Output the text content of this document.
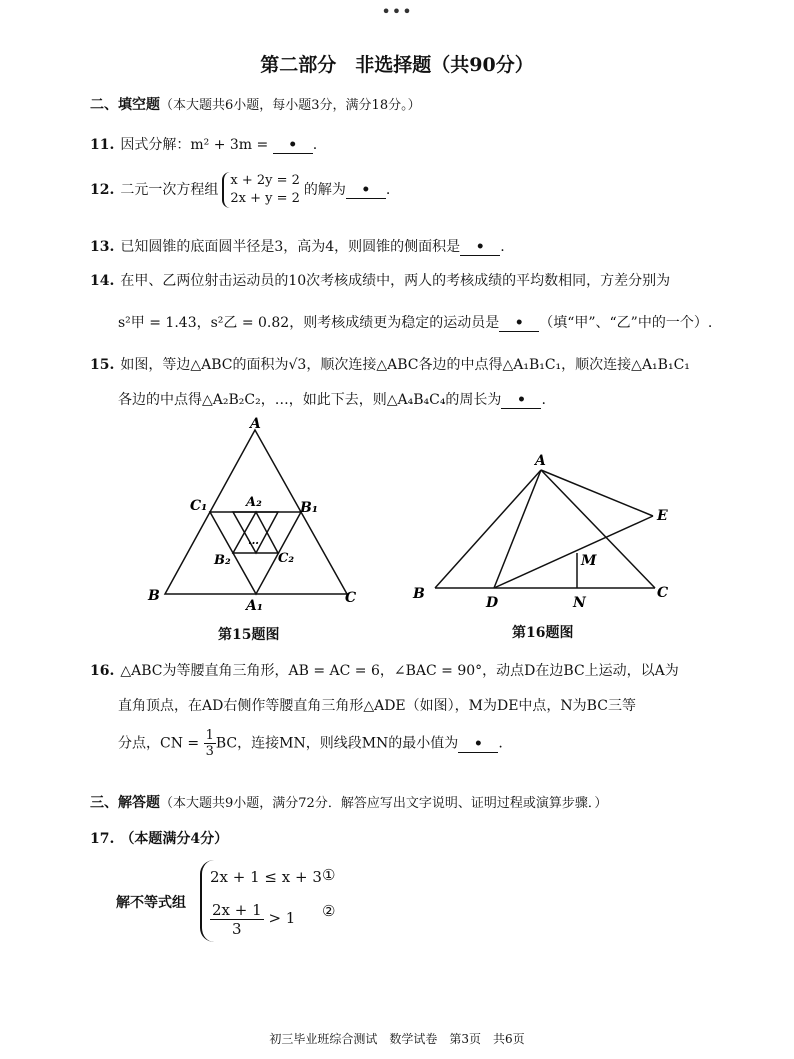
•••
第二部分　非选择题（共90分）
二、填空题（本大题共6小题，每小题3分，满分18分。）
11. 因式分解：m² + 3m = • .
12. 二元一次方程组
x + 2y = 2
2x + y = 2
的解为 • .
13. 已知圆锥的底面圆半径是3，高为4，则圆锥的侧面积是 • .
14. 在甲、乙两位射击运动员的10次考核成绩中，两人的考核成绩的平均数相同，方差分别为
s²甲 = 1.43，s²乙 = 0.82，则考核成绩更为稳定的运动员是 • （填“甲”、“乙”中的一个）.
15. 如图，等边△ABC的面积为√3，顺次连接△ABC各边的中点得△A₁B₁C₁，顺次连接△A₁B₁C₁
各边的中点得△A₂B₂C₂，…，如此下去，则△A₄B₄C₄的周长为 • .
A
B	C
C₁	B₁
A₁
A₂
B₂	C₂
…
第15题图
A
B	C
D
E
M
N
第16题图
16. △ABC为等腰直角三角形，AB = AC = 6，∠BAC = 90°，动点D在边BC上运动，以A为
直角顶点，在AD右侧作等腰直角三角形△ADE（如图），M为DE中点，N为BC三等
分点，CN = $\frac{1}{3}$ BC，连接MN，则线段MN的最小值为 • .
三、解答题（本大题共9小题，满分72分．解答应写出文字说明、证明过程或演算步骤．）
17. （本题满分4分）
解不等式组
2x + 1 ≤ x + 3
$\frac{2x + 1}{3} > 1$
①
②
初三毕业班综合测试　数学试卷　第3页　共6页
